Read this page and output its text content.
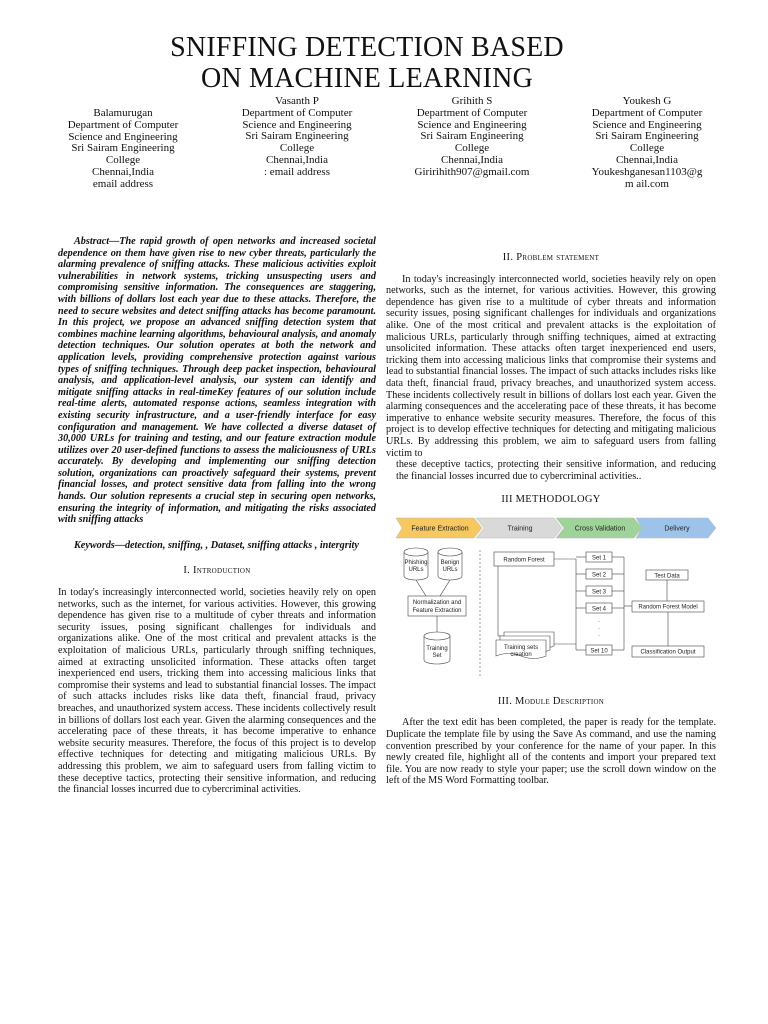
SNIFFING DETECTION BASED
ON MACHINE LEARNING
Balamurugan
Department of Computer
Science and Engineering
Sri Sairam Engineering
College
Chennai,India
email address
Vasanth P
Department of Computer
Science and Engineering
Sri Sairam Engineering
College
Chennai,India
: email address
Grihith S
Department of Computer
Science and Engineering
Sri Sairam Engineering
College
Chennai,India
Giririhith907@gmail.com
Youkesh G
Department of Computer
Science and Engineering
Sri Sairam Engineering
College
Chennai,India
Youkeshganesan1103@g
m ail.com

Abstract—The rapid growth of open networks and increased societal dependence on them have given rise to new cyber threats, particularly the alarming prevalence of sniffing attacks. These malicious activities exploit vulnerabilities in network systems, tricking unsuspecting users and compromising sensitive information. The consequences are staggering, with billions of dollars lost each year due to these attacks. Therefore, the need to secure websites and detect sniffing attacks has become paramount. In this project, we propose an advanced sniffing detection system that combines machine learning algorithms, behavioural analysis, and anomaly detection techniques. Our solution operates at both the network and application levels, providing comprehensive protection against various types of sniffing techniques. Through deep packet inspection, behavioural analysis, and application-level analysis, our system can identify and mitigate sniffing attacks in real-timeKey features of our solution include real-time alerts, automated response actions, seamless integration with existing security infrastructure, and a user-friendly interface for easy configuration and management. We have collected a diverse dataset of 30,000 URLs for training and testing, and our feature extraction module utilizes over 20 user-defined functions to assess the maliciousness of URLs accurately. By developing and implementing our sniffing detection solution, organizations can proactively safeguard their systems, prevent financial losses, and protect sensitive data from falling into the wrong hands. Our solution represents a crucial step in securing open networks, ensuring the integrity of information, and mitigating the risks associated with sniffing attacks

Keywords—detection, sniffing, , Dataset, sniffing attacks , intergrity

I. Introduction

In today's increasingly interconnected world, societies heavily rely on open networks, such as the internet, for various activities. However, this growing dependence has given rise to a multitude of cyber threats and information security issues, posing significant challenges for individuals and organizations alike. One of the most critical and prevalent attacks is the exploitation of malicious URLs, particularly through sniffing techniques, aimed at extracting unsolicited information. These attacks often target inexperienced end users, tricking them into accessing malicious links that compromise their systems and lead to substantial financial losses. The impact of such attacks includes risks like data theft, financial fraud, privacy breaches, and unauthorized system access. These incidents collectively result in billions of dollars lost each year. Given the alarming consequences and the accelerating pace of these threats, it has become imperative to enhance website security measures. Therefore, the focus of this project is to develop effective techniques for detecting and mitigating malicious URLs. By addressing this problem, we aim to safeguard users from falling victim to these deceptive tactics, protecting their sensitive information, and reducing the financial losses incurred due to cybercriminal activities.

II. Problem statement

In today's increasingly interconnected world, societies heavily rely on open networks, such as the internet, for various activities. However, this growing dependence has given rise to a multitude of cyber threats and information security issues, posing significant challenges for individuals and organizations alike. One of the most critical and prevalent attacks is the exploitation of malicious URLs, particularly through sniffing techniques, aimed at extracting unsolicited information. These attacks often target inexperienced end users, tricking them into accessing malicious links that compromise their systems and lead to substantial financial losses. The impact of such attacks includes risks like data theft, financial fraud, privacy breaches, and unauthorized system access. These incidents collectively result in billions of dollars lost each year. Given the alarming consequences and the accelerating pace of these threats, it has become imperative to enhance website security measures. Therefore, the focus of this project is to develop effective techniques for detecting and mitigating malicious URLs. By addressing this problem, we aim to safeguard users from falling victim to

these deceptive tactics, protecting their sensitive information, and reducing the financial losses incurred due to cybercriminal activities..

III METHODOLOGY
Feature Extraction	Training	Cross Validation	Delivery
Phishing
URLs
Benign
URLs
Normalization and
Feature Extraction
Training
Set
Random Forest
Training sets
creation
Set 1
Set 2
Set 3
Set 4
.
.
.
Set 10
Test Data
Random Forest Model
Classification Output
III. Module Description

After the text edit has been completed, the paper is ready for the template. Duplicate the template file by using the Save As command, and use the naming convention prescribed by your conference for the name of your paper. In this newly created file, highlight all of the contents and import your prepared text file. You are now ready to style your paper; use the scroll down window on the left of the MS Word Formatting toolbar.
